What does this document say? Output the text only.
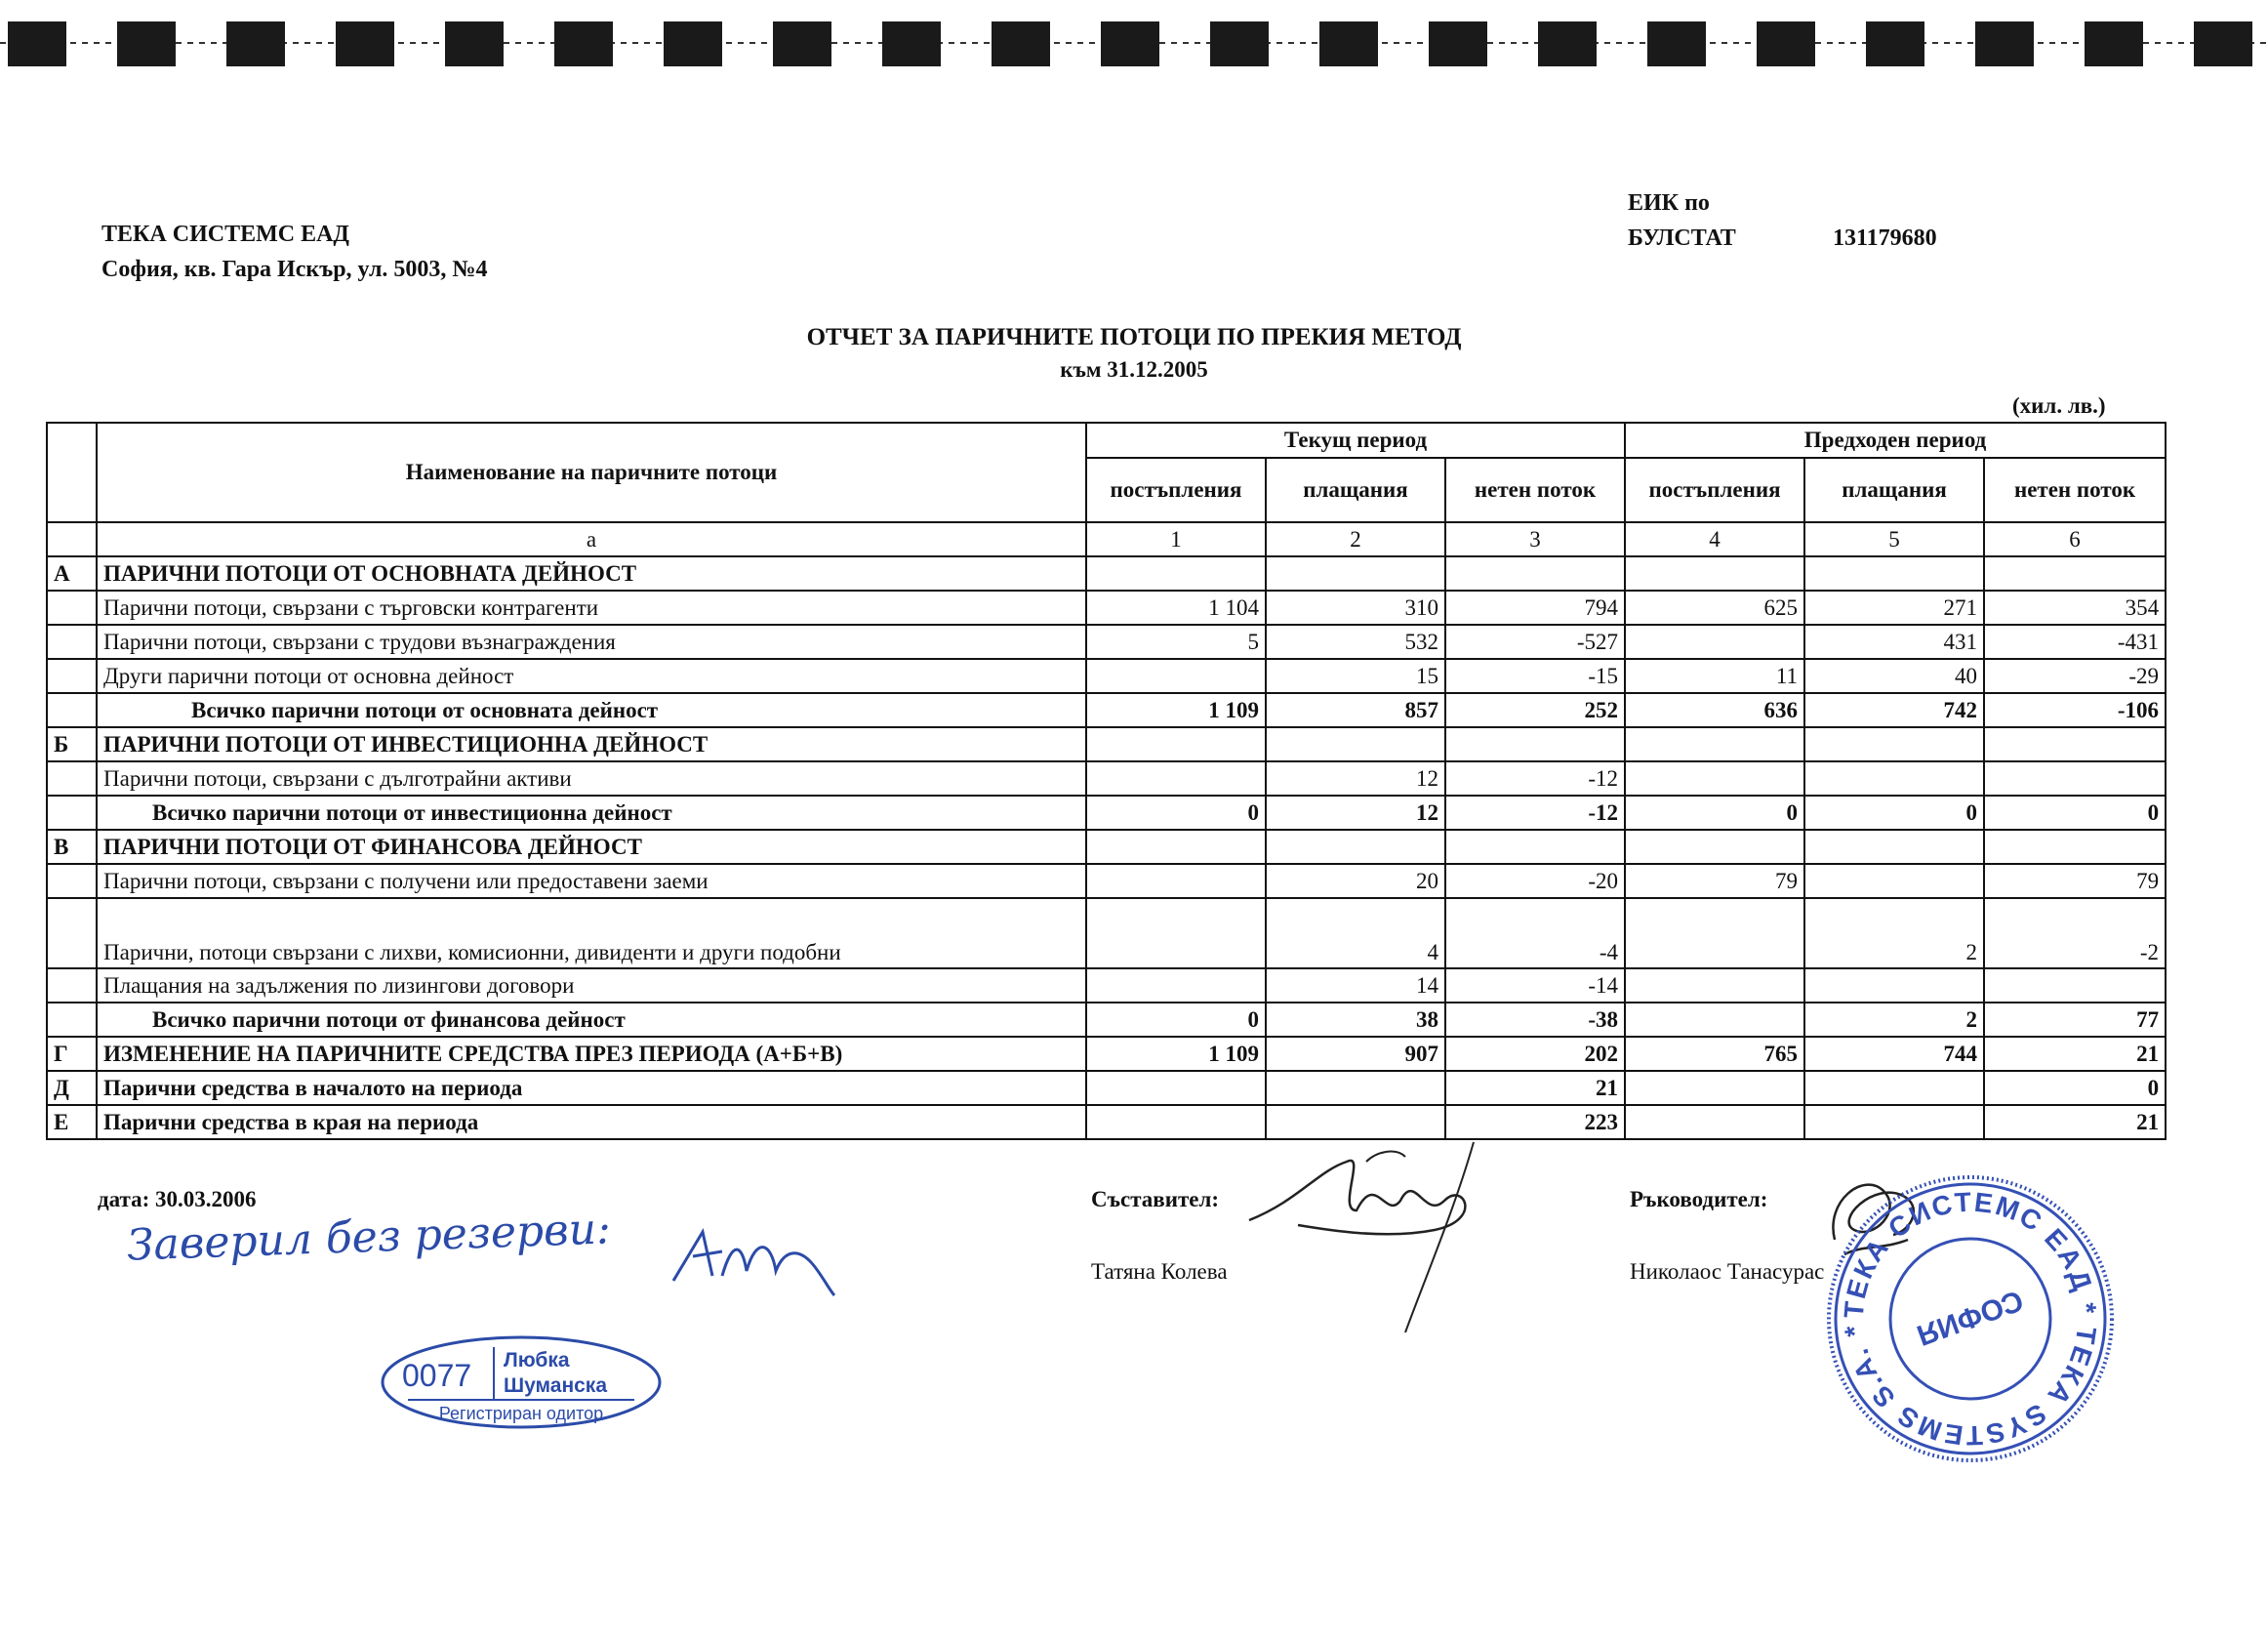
ТЕКА СИСТЕМС ЕАД
София, кв. Гара Искър, ул. 5003, №4
ЕИК по
БУЛСТАТ	131179680
ОТЧЕТ ЗА ПАРИЧНИТЕ ПОТОЦИ ПО ПРЕКИЯ МЕТОД
към 31.12.2005
(хил. лв.)
	Наименование на паричните потоци	Текущ период			Предходен период		
		постъпления	плащания	нетен поток	постъпления	плащания	нетен поток
	а	1	2	3	4	5	6
А	ПАРИЧНИ ПОТОЦИ ОТ ОСНОВНАТА ДЕЙНОСТ						
	Парични потоци, свързани с търговски контрагенти	1 104	310	794	625	271	354
	Парични потоци, свързани с трудови възнаграждения	5	532	-527		431	-431
	Други парични потоци от основна дейност		15	-15	11	40	-29
	Всичко парични потоци от основната дейност	1 109	857	252	636	742	-106
Б	ПАРИЧНИ ПОТОЦИ ОТ ИНВЕСТИЦИОННА ДЕЙНОСТ						
	Парични потоци, свързани с дълготрайни активи		12	-12			
	Всичко парични потоци от инвестиционна дейност	0	12	-12	0	0	0
В	ПАРИЧНИ ПОТОЦИ ОТ ФИНАНСОВА ДЕЙНОСТ						
	Парични потоци, свързани с получени или предоставени заеми		20	-20	79		79
	Парични, потоци свързани с лихви, комисионни, дивиденти и други подобни		4	-4		2	-2
	Плащания на задължения по лизингови договори		14	-14			
	Всичко парични потоци от финансова дейност	0	38	-38		2	77
Г	ИЗМЕНЕНИЕ НА ПАРИЧНИТЕ СРЕДСТВА ПРЕЗ ПЕРИОДА (А+Б+В)	1 109	907	202	765	744	21
Д	Парични средства в началото на периода			21			0
Е	Парични средства в края на периода			223			21
дата: 30.03.2006
Заверил без резерви:
0077 Любка
Шуманска
Регистриран одитор
Съставител:
Татяна Колева
Ръководител:
Николаос Танасурас
ТЕКА СИСТЕМС ЕАД * ТЕКА SYSTEMS S.A. *	СОФИЯ
